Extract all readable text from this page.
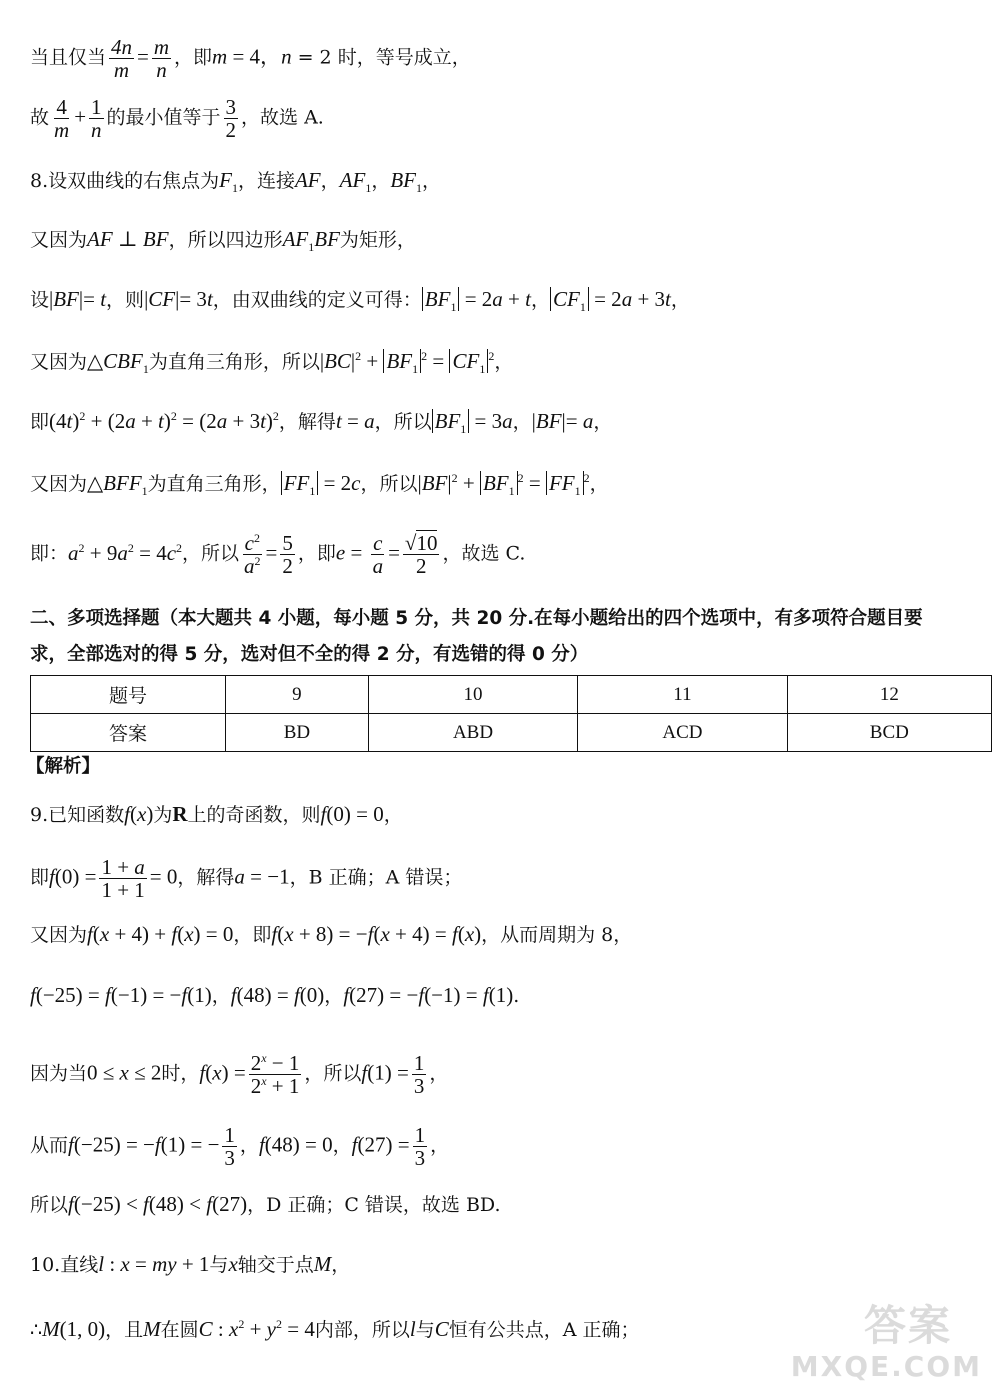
当且仅当 $\frac{4n}{m} = \frac{m}{n}$ ，即m = 4，n = 2 时，等号成立，
故 $\frac{4}{m} + \frac{1}{n}$ 的最小值等于 $\frac{3}{2}$ ，故选 A.
8.设双曲线的右焦点为$F_1$，连接AF，$AF_1$，$BF_1$，
又因为AF ⊥ BF，所以四边形$AF_1BF$为矩形，
设|BF|= t，则|CF|= 3t，由双曲线的定义可得： $BF_1 = 2a + t$， $CF_1 = 2a + 3t$，
又因为$\triangle CBF_1$为直角三角形，所以$|BC|^2 + BF_1^2 = CF_1^2$，
即$(4t)^2 + (2a + t)^2 = (2a + 3t)^2$，解得t = a，所以 $BF_1 = 3a$，|BF|= a，
又因为$\triangle BFF_1$为直角三角形， $FF_1 = 2c$，所以$|BF|^2 + BF_1^2 = FF_1^2$，
即：$a^2 + 9a^2 = 4c^2$，所以 $\frac{c^2}{a^2} = \frac{5}{2}$ ，即$e = \frac{c}{a} = \frac{√10}{2}$ ，故选 C.
二、多项选择题（本大题共 4 小题，每小题 5 分，共 20 分.在每小题给出的四个选项中，有多项符合题目要
求，全部选对的得 5 分，选对但不全的得 2 分，有选错的得 0 分）
题号	9	10	11	12
答案	BD	ABD	ACD	BCD
【解析】
9.已知函数f(x)为R上的奇函数，则f(0) = 0，
即$f(0) = \frac{1 + a}{1 + 1} = 0$，解得a = −1，B 正确；A 错误；
又因为f(x + 4) + f(x) = 0，即f(x + 8) = −f(x + 4) = f(x)，从而周期为 8，
f(−25) = f(−1) = −f(1)，f(48) = f(0)，f(27) = −f(−1) = f(1).
因为当0 ≤ x ≤ 2时，$f(x) = \frac{2^x - 1}{2^x + 1}$ ，所以$f(1) = \frac{1}{3}$ ，
从而f(−25) = −f(1) = − $\frac{1}{3}$ ，f(48) = 0，$f(27) = \frac{1}{3}$ ，
所以f(−25) < f(48) < f(27)，D 正确；C 错误，故选 BD.
10.直线l : x = my + 1与x轴交于点M，
∴M(1, 0)，且M在圆C : $x^2 + y^2 = 4$内部，所以l与C恒有公共点，A 正确；	答案
MXQE.COM
